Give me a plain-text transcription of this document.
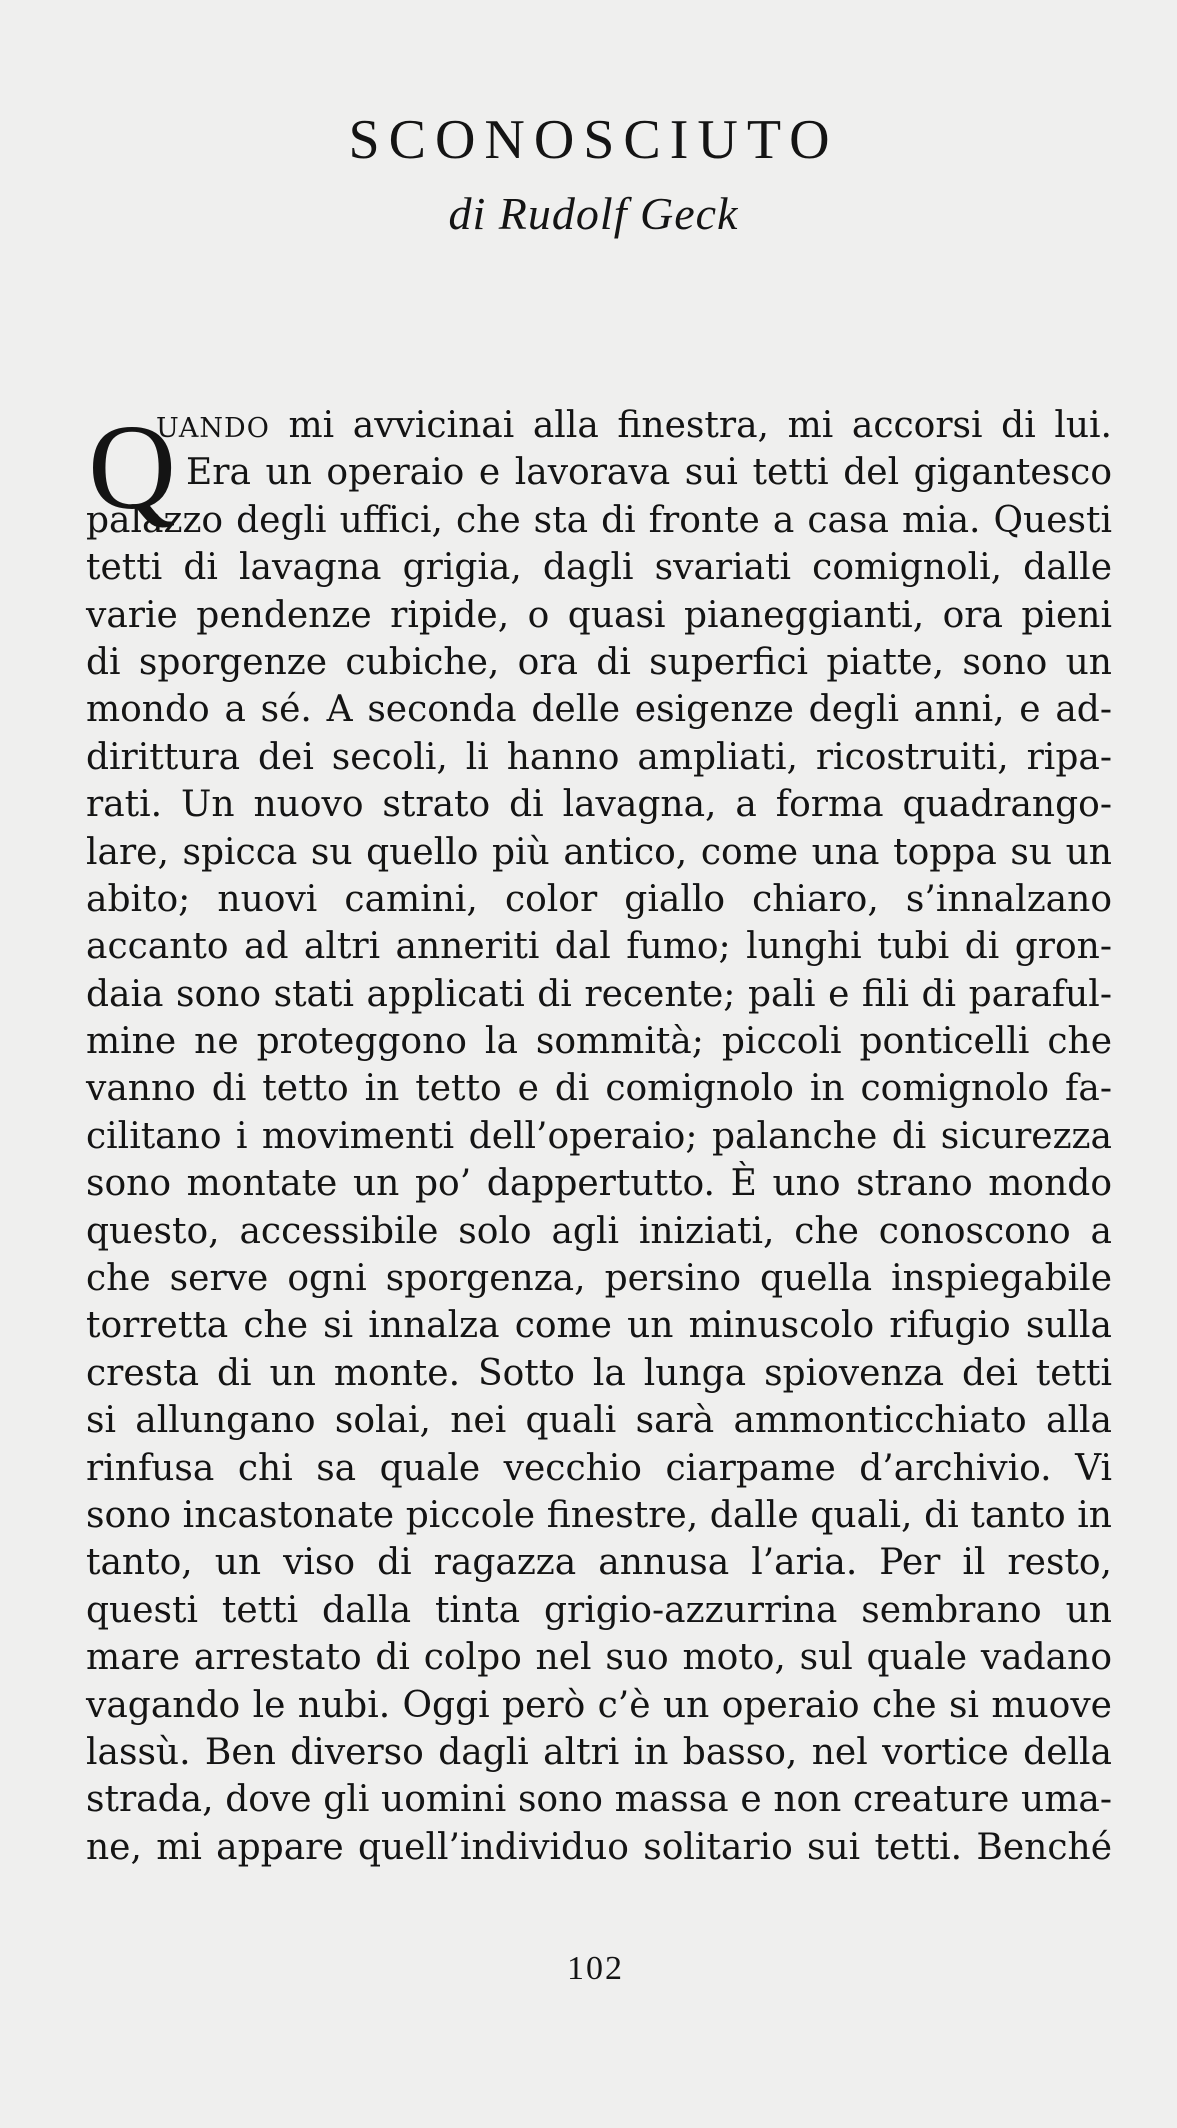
SCONOSCIUTO
di Rudolf Geck
Q
UANDO mi avvicinai alla finestra, mi accorsi di lui.
Era un operaio e lavorava sui tetti del gigantesco
palazzo degli uffici, che sta di fronte a casa mia. Questi
tetti di lavagna grigia, dagli svariati comignoli, dalle
varie pendenze ripide, o quasi pianeggianti, ora pieni
di sporgenze cubiche, ora di superfici piatte, sono un
mondo a sé. A seconda delle esigenze degli anni, e ad-
dirittura dei secoli, li hanno ampliati, ricostruiti, ripa-
rati. Un nuovo strato di lavagna, a forma quadrango-
lare, spicca su quello più antico, come una toppa su un
abito; nuovi camini, color giallo chiaro, s’innalzano
accanto ad altri anneriti dal fumo; lunghi tubi di gron-
daia sono stati applicati di recente; pali e fili di paraful-
mine ne proteggono la sommità; piccoli ponticelli che
vanno di tetto in tetto e di comignolo in comignolo fa-
cilitano i movimenti dell’operaio; palanche di sicurezza
sono montate un po’ dappertutto. È uno strano mondo
questo, accessibile solo agli iniziati, che conoscono a
che serve ogni sporgenza, persino quella inspiegabile
torretta che si innalza come un minuscolo rifugio sulla
cresta di un monte. Sotto la lunga spiovenza dei tetti
si allungano solai, nei quali sarà ammonticchiato alla
rinfusa chi sa quale vecchio ciarpame d’archivio. Vi
sono incastonate piccole finestre, dalle quali, di tanto in
tanto, un viso di ragazza annusa l’aria. Per il resto,
questi tetti dalla tinta grigio-azzurrina sembrano un
mare arrestato di colpo nel suo moto, sul quale vadano
vagando le nubi. Oggi però c’è un operaio che si muove
lassù. Ben diverso dagli altri in basso, nel vortice della
strada, dove gli uomini sono massa e non creature uma-
ne, mi appare quell’individuo solitario sui tetti. Benché
102
